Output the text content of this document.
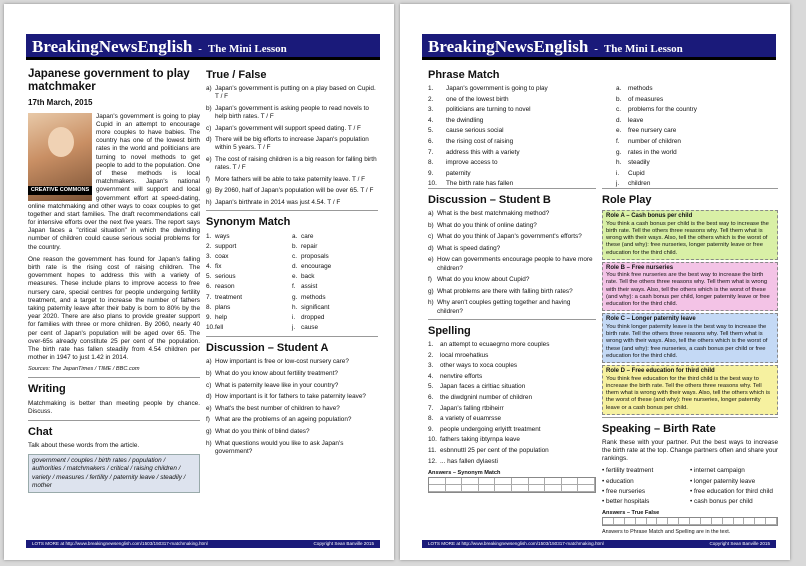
BreakingNewsEnglish - The Mini Lesson
Japanese government to play matchmaker
17th March, 2015
CREATIVE COMMONS

Japan's government is going to play Cupid in an attempt to encourage more couples to have babies. The country has one of the lowest birth rates in the world and politicians are turning to novel methods to get people to add to the population. One of these methods is local matchmakers. Japan's national government will support and local government effort at speed-dating, online matchmaking and other ways to coax couples to get together and start families. The draft recommendations call for intensive efforts over the next five years. The report says Japan faces a "critical situation" in which the dwindling number of children could cause serious social problems for the country.

One reason the government has found for Japan's falling birth rate is the rising cost of raising children. The government hopes to address this with a variety of measures. These include plans to improve access to free nursery care, special centres for people undergoing fertility treatment, and a target to increase the number of fathers taking paternity leave after their baby is born to 80% by the year 2020. There are also plans to provide greater support for families with three or more children. By 2060, nearly 40 per cent of Japan's population will be aged over 65. The over-65s already constitute 25 per cent of the population. The birth rate has fallen steadily from 4.54 children per mother in 1947 to just 1.42 in 2014.

Sources: The JapanTimes / TIME / BBC.com
Writing

Matchmaking is better than meeting people by chance. Discuss.

Chat

Talk about these words from the article.

government / couples / birth rates / population / authorities / matchmakers / critical / raising children / variety / measures / fertility / paternity leave / steadily / mother
True / False
a) Japan's government is putting on a play based on Cupid. T / F
b) Japan's government is asking people to read novels to help birth rates. T / F
c) Japan's government will support speed dating. T / F
d) There will be big efforts to increase Japan's population within 5 years. T / F
e) The cost of raising children is a big reason for falling birth rates. T / F
f) More fathers will be able to take paternity leave. T / F
g) By 2060, half of Japan's population will be over 65. T / F
h) Japan's birthrate in 2014 was just 4.54. T / F
Synonym Match
1. ways	a. care
2. support	b. repair
3. coax	c. proposals
4. fix	d. encourage
5. serious	e. back
6. reason	f. assist
7. treatment	g. methods
8. plans	h. significant
9. help	i. dropped
10. fell	j. cause
Discussion – Student A
a) How important is free or low-cost nursery care?
b) What do you know about fertility treatment?
c) What is paternity leave like in your country?
d) How important is it for fathers to take paternity leave?
e) What's the best number of children to have?
f) What are the problems of an ageing population?
g) What do you think of blind dates?
h) What questions would you like to ask Japan's government?
LOTS MORE at http://www.breakingnewsenglish.com/1503/150317-matchmaking.html	Copyright Sean Banville 2015
BreakingNewsEnglish - The Mini Lesson
Phrase Match
1.	Japan's government is going to play	a.	methods
2.	one of the lowest birth	b.	of measures
3.	politicians are turning to novel	c.	problems for the country
4.	the dwindling	d.	leave
5.	cause serious social	e.	free nursery care
6.	the rising cost of raising	f.	number of children
7.	address this with a variety	g.	rates in the world
8.	improve access to	h.	steadily
9.	paternity	i.	Cupid
10.	The birth rate has fallen	j.	children
Discussion – Student B
a) What is the best matchmaking method?
b) What do you think of online dating?
c) What do you think of Japan's government's efforts?
d) What is speed dating?
e) How can governments encourage people to have more children?
f) What do you know about Cupid?
g) What problems are there with falling birth rates?
h) Why aren't couples getting together and having children?
Spelling
1.	an attempt to ecuaegrno more couples
2.	local mroehatkus
3.	other ways to xoca couples
4.	nenvtire efforts
5.	Japan faces a cirltiac situation
6.	the diwdgninl number of children
7.	Japan's falling rtbiheirr
8.	a variety of euamrsse
9.	people undergoing erlyitft treatment
10. fathers taking ibtyrnpa leave
11. esbnnuttl 25 per cent of the population
12. ... has fallen dylaesti
Answers – Synonym Match
Role Play
Role A – Cash bonus per child
You think a cash bonus per child is the best way to increase the birth rate. Tell the others three reasons why. Tell them what is wrong with their ways. Also, tell the others which is the worst of these (and why): free nurseries, longer paternity leave or free education for the third child.
Role B – Free nurseries
You think free nurseries are the best way to increase the birth rate. Tell the others three reasons why. Tell them what is wrong with their ways. Also, tell the others which is the worst of these (and why): a cash bonus per child, longer paternity leave or free education for the third child.
Role C – Longer paternity leave
You think longer paternity leave is the best way to increase the birth rate. Tell the others three reasons why. Tell them what is wrong with their ways. Also, tell the others which is the worst of these (and why): free nurseries, a cash bonus per child or free education for the third child.
Role D – Free education for third child
You think free education for the third child is the best way to increase the birth rate. Tell the others three reasons why. Tell them what is wrong with their ways. Also, tell the others which is the worst of these (and why): free nurseries, longer paternity leave or a cash bonus per child.
Speaking – Birth Rate

Rank these with your partner. Put the best ways to increase the birth rate at the top. Change partners often and share your rankings.

• fertility treatment	• internet campaign
• education	• longer paternity leave
• free nurseries	• free education for third child
• better hospitals	• cash bonus per child
Answers – True False
Answers to Phrase Match and Spelling are in the text.
LOTS MORE at http://www.breakingnewsenglish.com/1503/150317-matchmaking.html	Copyright Sean Banville 2015
